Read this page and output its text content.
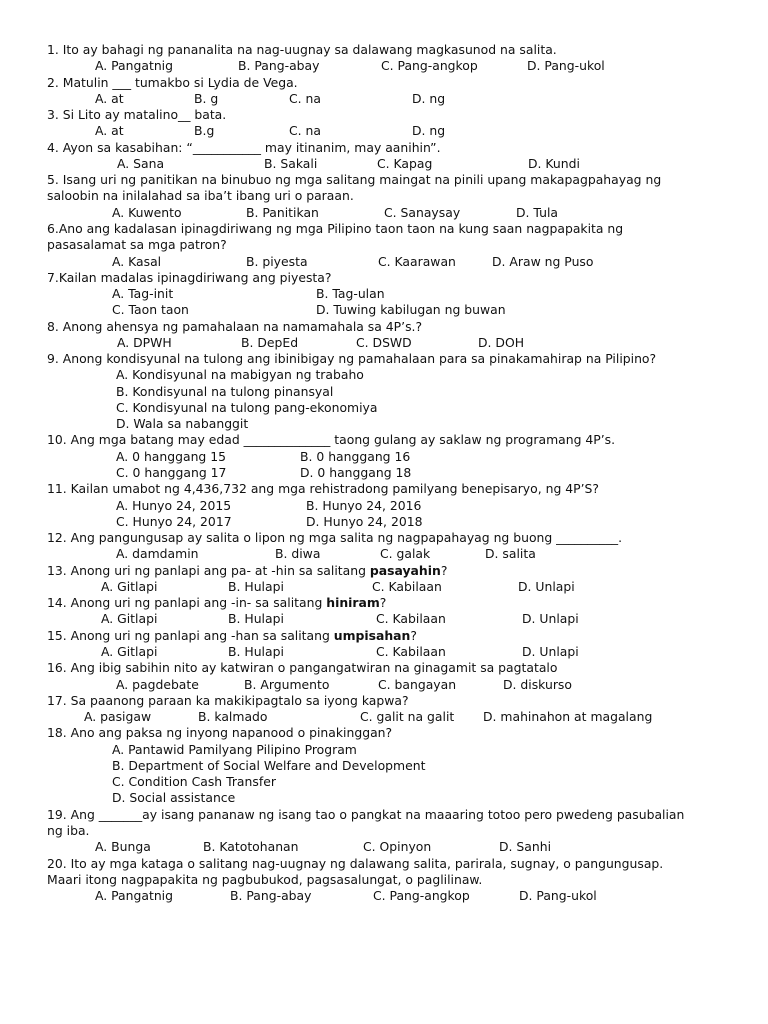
1. Ito ay bahagi ng pananalita na nag-uugnay sa dalawang magkasunod na salita.
A. Pangatnig	B. Pang-abay	C. Pang-angkop	D. Pang-ukol
2. Matulin ___ tumakbo si Lydia de Vega.
A. at	B. g	C. na	D. ng
3. Si Lito ay matalino__ bata.
A. at	B.g	C. na	D. ng
4. Ayon sa kasabihan: “___________ may itinanim, may aanihin”.
A. Sana	B. Sakali	C. Kapag	D. Kundi
5. Isang uri ng panitikan na binubuo ng mga salitang maingat na pinili upang makapagpahayag ng
saloobin na inilalahad sa iba’t ibang uri o paraan.
A. Kuwento	B. Panitikan	C. Sanaysay	D. Tula
6.Ano ang kadalasan ipinagdiriwang ng mga Pilipino taon taon na kung saan nagpapakita ng
pasasalamat sa mga patron?
A. Kasal	B. piyesta	C. Kaarawan	D. Araw ng Puso
7.Kailan madalas ipinagdiriwang ang piyesta?
A. Tag-init	B. Tag-ulan
C. Taon taon	D. Tuwing kabilugan ng buwan
8. Anong ahensya ng pamahalaan na namamahala sa 4P’s.?
A. DPWH	B. DepEd	C. DSWD	D. DOH
9. Anong kondisyunal na tulong ang ibinibigay ng pamahalaan para sa pinakamahirap na Pilipino?
A. Kondisyunal na mabigyan ng trabaho
B. Kondisyunal na tulong pinansyal
C. Kondisyunal na tulong pang-ekonomiya
D. Wala sa nabanggit
10. Ang mga batang may edad ______________ taong gulang ay saklaw ng programang 4P’s.
A. 0 hanggang 15	B. 0 hanggang 16
C. 0 hanggang 17	D. 0 hanggang 18
11. Kailan umabot ng 4,436,732 ang mga rehistradong pamilyang benepisaryo, ng 4P’S?
A. Hunyo 24, 2015	B. Hunyo 24, 2016
C. Hunyo 24, 2017	D. Hunyo 24, 2018
12. Ang pangungusap ay salita o lipon ng mga salita ng nagpapahayag ng buong __________.
A. damdamin	B. diwa	C. galak	D. salita
13. Anong uri ng panlapi ang pa- at -hin sa salitang pasayahin?
A. Gitlapi	B. Hulapi	C. Kabilaan	D. Unlapi
14. Anong uri ng panlapi ang -in- sa salitang hiniram?
A. Gitlapi	B. Hulapi	C. Kabilaan	D. Unlapi
15. Anong uri ng panlapi ang -han sa salitang umpisahan?
A. Gitlapi	B. Hulapi	C. Kabilaan	D. Unlapi
16. Ang ibig sabihin nito ay katwiran o pangangatwiran na ginagamit sa pagtatalo
A. pagdebate	B. Argumento	C. bangayan	D. diskurso
17. Sa paanong paraan ka makikipagtalo sa iyong kapwa?
A. pasigaw	B. kalmado	C. galit na galit D. mahinahon at magalang
18. Ano ang paksa ng inyong napanood o pinakinggan?
A. Pantawid Pamilyang Pilipino Program
B. Department of Social Welfare and Development
C. Condition Cash Transfer
D. Social assistance
19. Ang _______ay isang pananaw ng isang tao o pangkat na maaaring totoo pero pwedeng pasubalian
ng iba.
A. Bunga	B. Katotohanan	C. Opinyon	D. Sanhi
20. Ito ay mga kataga o salitang nag-uugnay ng dalawang salita, parirala, sugnay, o pangungusap.
Maari itong nagpapakita ng pagbubukod, pagsasalungat, o paglilinaw.
A. Pangatnig	B. Pang-abay	C. Pang-angkop	D. Pang-ukol
